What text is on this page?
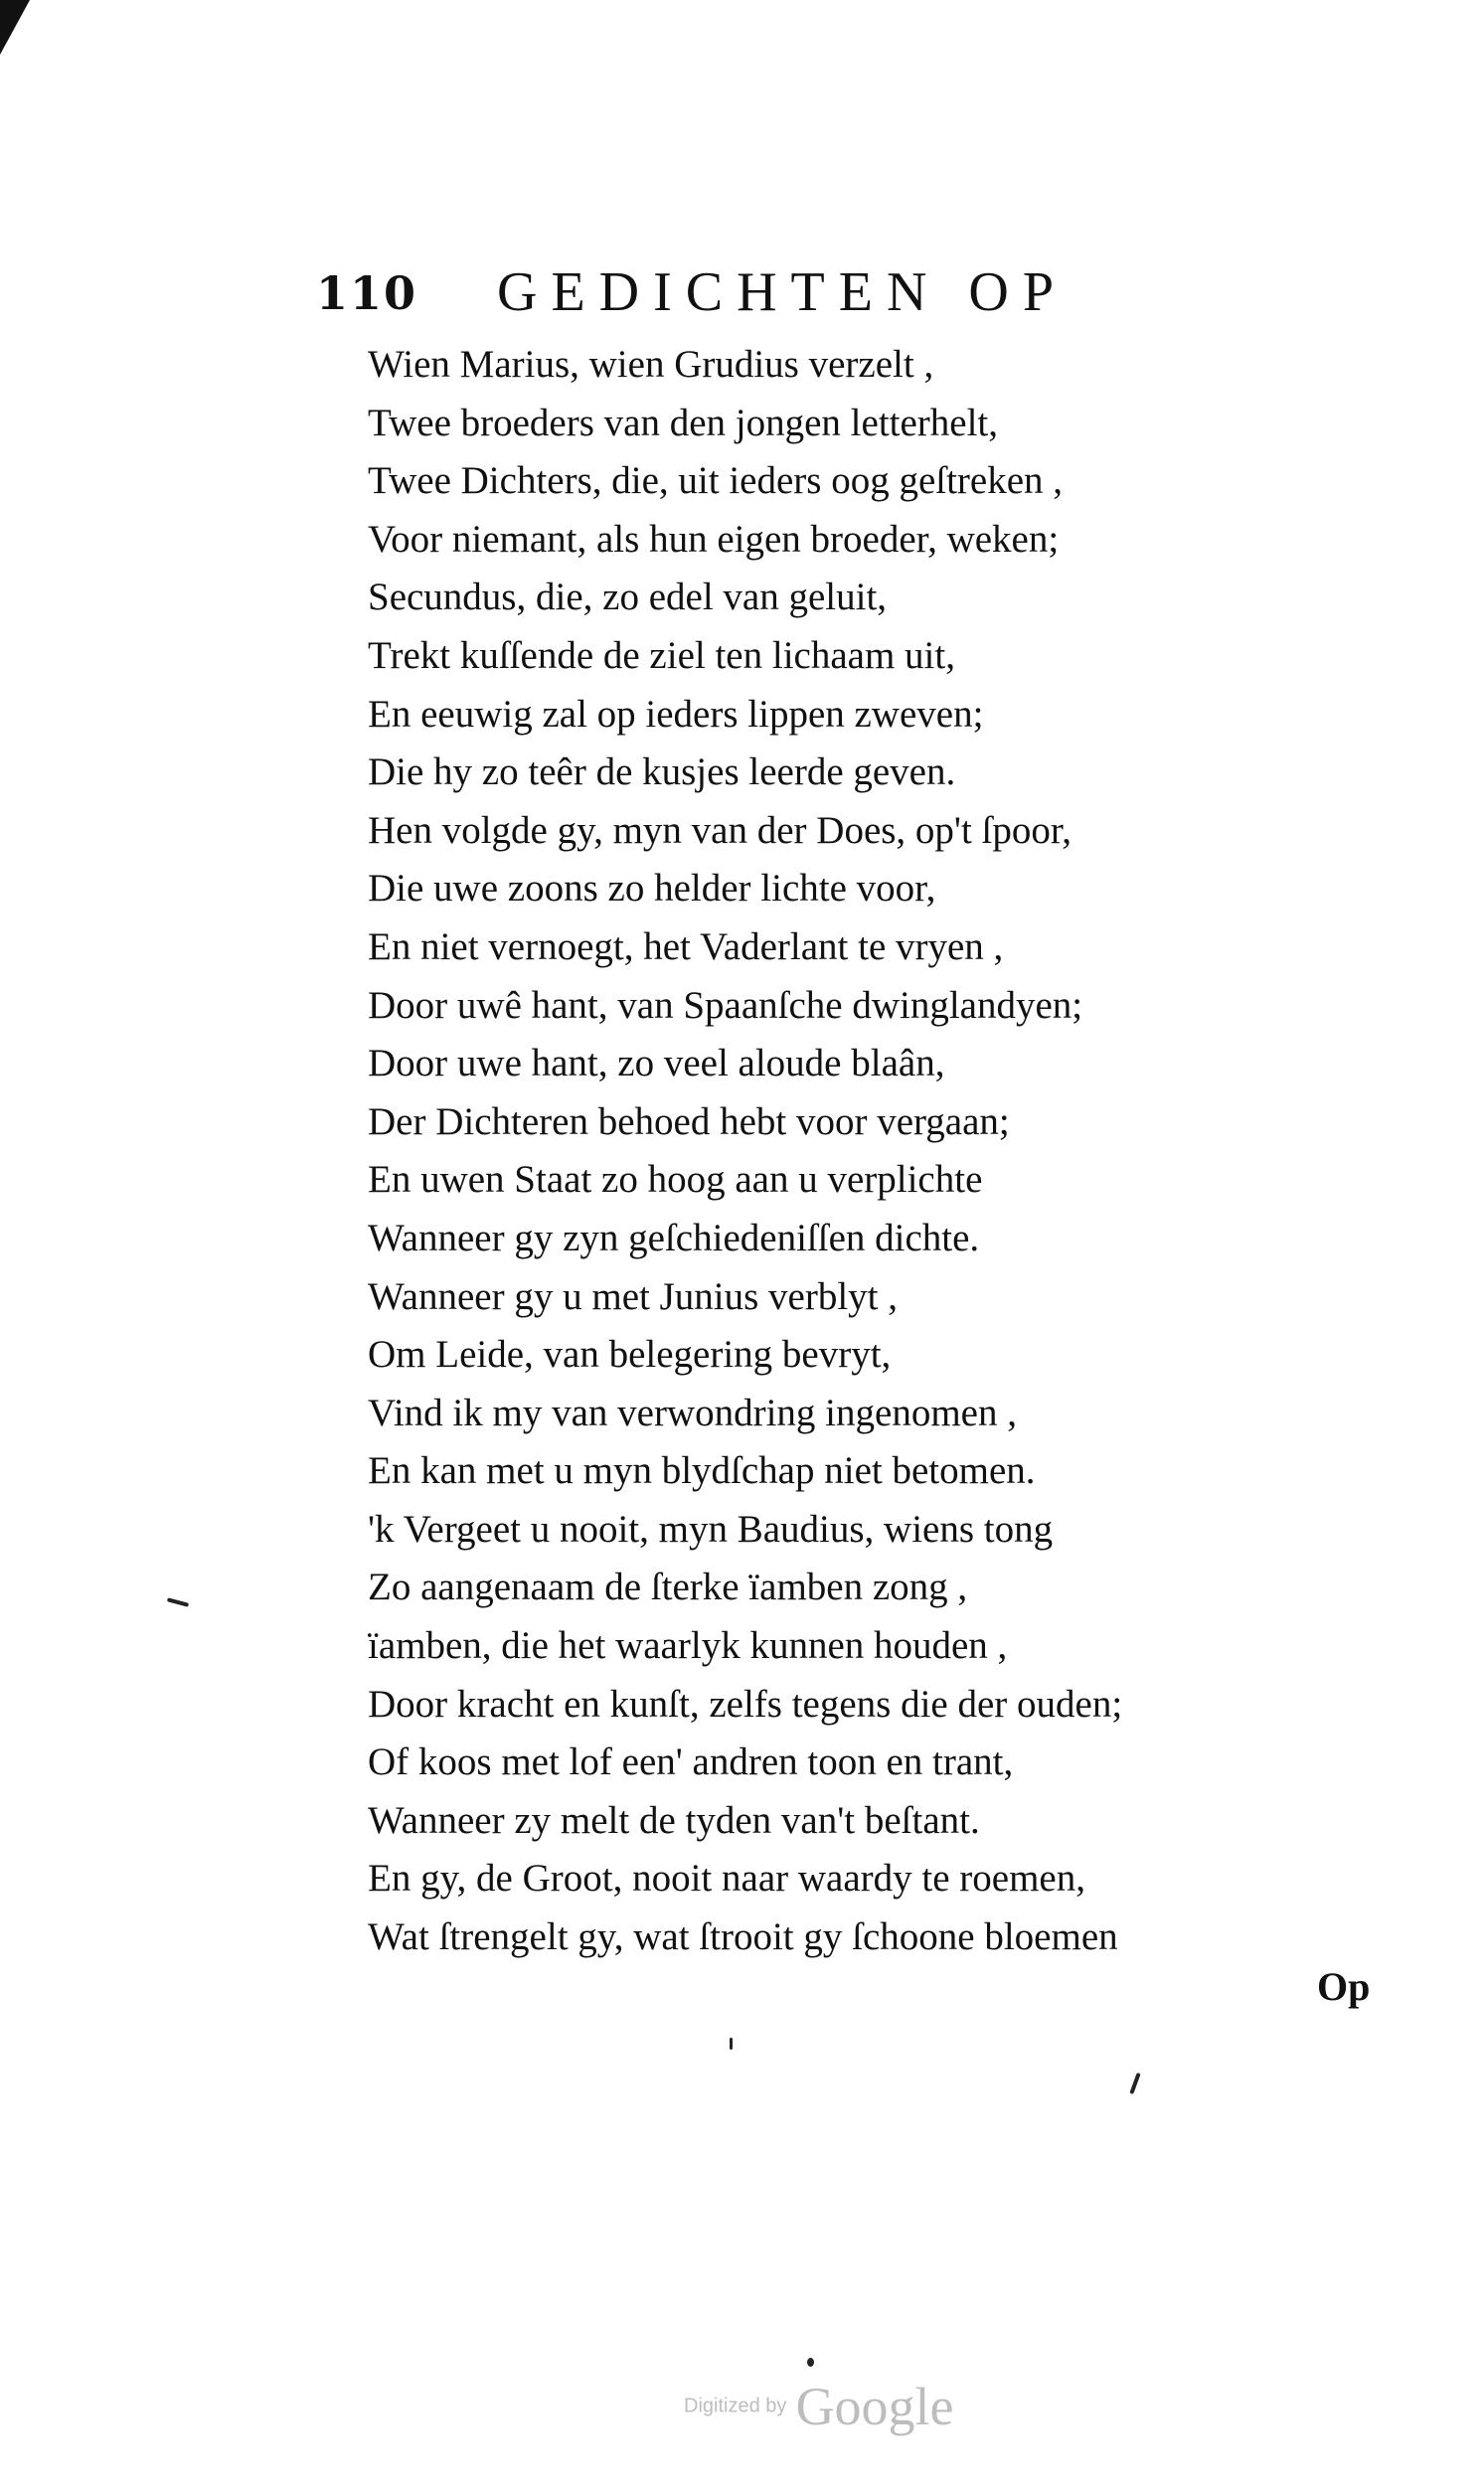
110 GEDICHTEN OP
Wien Marius, wien Grudius verzelt ,
Twee broeders van den jongen letterhelt,
Twee Dichters, die, uit ieders oog geſtreken ,
Voor niemant, als hun eigen broeder, weken;
Secundus, die, zo edel van geluit,
Trekt kuſſende de ziel ten lichaam uit,
En eeuwig zal op ieders lippen zweven;
Die hy zo teêr de kusjes leerde geven.
Hen volgde gy, myn van der Does, op't ſpoor,
Die uwe zoons zo helder lichte voor,
En niet vernoegt, het Vaderlant te vryen ,
Door uwê hant, van Spaanſche dwinglandyen;
Door uwe hant, zo veel aloude blaân,
Der Dichteren behoed hebt voor vergaan;
En uwen Staat zo hoog aan u verplichte
Wanneer gy zyn geſchiedeniſſen dichte.
Wanneer gy u met Junius verblyt ,
Om Leide, van belegering bevryt,
Vind ik my van verwondring ingenomen ,
En kan met u myn blydſchap niet betomen.
'k Vergeet u nooit, myn Baudius, wiens tong
Zo aangenaam de ſterke ïamben zong ,
ïamben, die het waarlyk kunnen houden ,
Door kracht en kunſt, zelfs tegens die der ouden;
Of koos met lof een' andren toon en trant,
Wanneer zy melt de tyden van't beſtant.
En gy, de Groot, nooit naar waardy te roemen,
Wat ſtrengelt gy, wat ſtrooit gy ſchoone bloemen
Op
Digitized by Google
